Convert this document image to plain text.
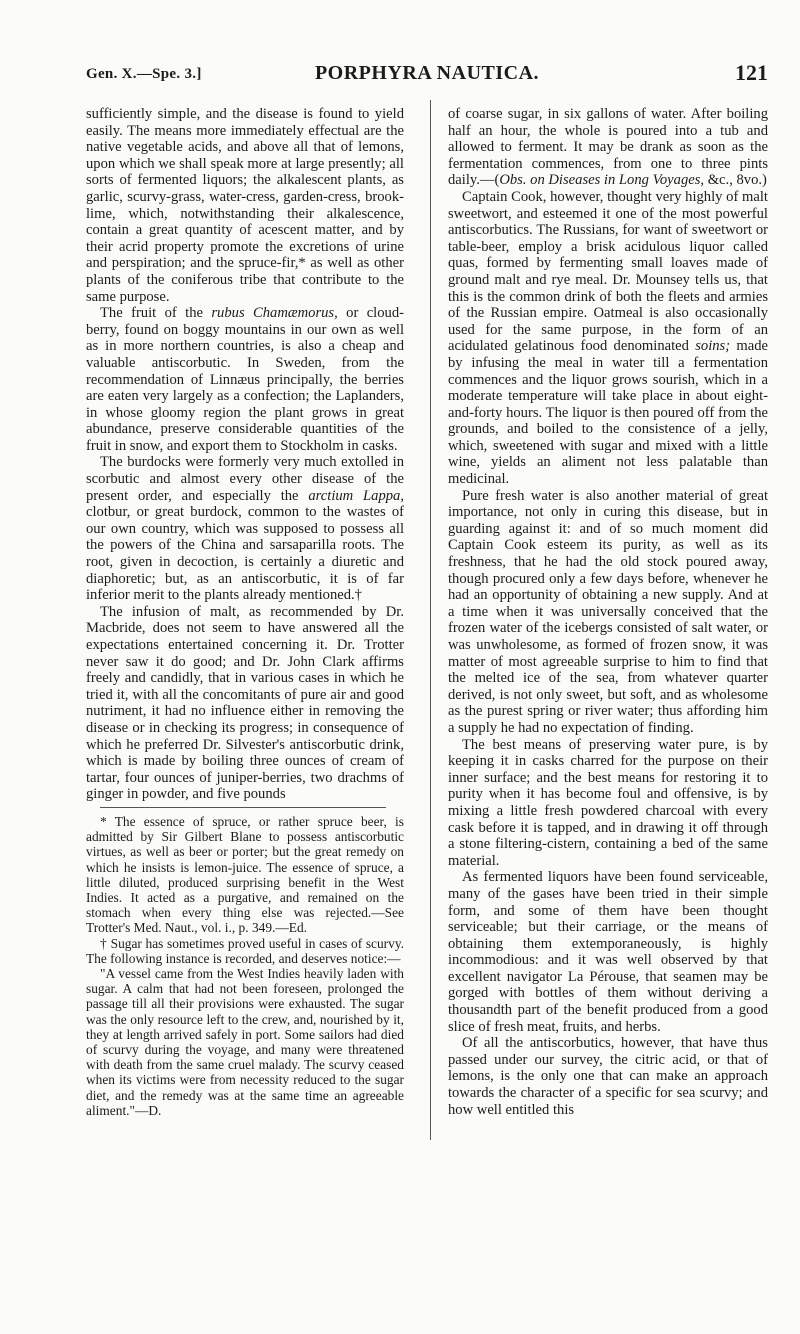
Gen. X.—Spe. 3.]	PORPHYRA NAUTICA.	121

sufficiently simple, and the disease is found to yield easily. The means more immediately effectual are the native vegetable acids, and above all that of lemons, upon which we shall speak more at large presently; all sorts of fermented liquors; the alkalescent plants, as garlic, scurvy-grass, water-cress, garden-cress, brook-lime, which, notwithstanding their alkalescence, contain a great quantity of acescent matter, and by their acrid property promote the excretions of urine and perspiration; and the spruce-fir,* as well as other plants of the coniferous tribe that contribute to the same purpose.

The fruit of the rubus Chamæmorus, or cloud-berry, found on boggy mountains in our own as well as in more northern countries, is also a cheap and valuable antiscorbutic. In Sweden, from the recommendation of Linnæus principally, the berries are eaten very largely as a confection; the Laplanders, in whose gloomy region the plant grows in great abundance, preserve considerable quantities of the fruit in snow, and export them to Stockholm in casks.

The burdocks were formerly very much extolled in scorbutic and almost every other disease of the present order, and especially the arctium Lappa, clotbur, or great burdock, common to the wastes of our own country, which was supposed to possess all the powers of the China and sarsaparilla roots. The root, given in decoction, is certainly a diuretic and diaphoretic; but, as an antiscorbutic, it is of far inferior merit to the plants already mentioned.†

The infusion of malt, as recommended by Dr. Macbride, does not seem to have answered all the expectations entertained concerning it. Dr. Trotter never saw it do good; and Dr. John Clark affirms freely and candidly, that in various cases in which he tried it, with all the concomitants of pure air and good nutriment, it had no influence either in removing the disease or in checking its progress; in consequence of which he preferred Dr. Silvester's antiscorbutic drink, which is made by boiling three ounces of cream of tartar, four ounces of juniper-berries, two drachms of ginger in powder, and five pounds

* The essence of spruce, or rather spruce beer, is admitted by Sir Gilbert Blane to possess antiscorbutic virtues, as well as beer or porter; but the great remedy on which he insists is lemon-juice. The essence of spruce, a little diluted, produced surprising benefit in the West Indies. It acted as a purgative, and remained on the stomach when every thing else was rejected.—See Trotter's Med. Naut., vol. i., p. 349.—Ed.

† Sugar has sometimes proved useful in cases of scurvy. The following instance is recorded, and deserves notice:—

"A vessel came from the West Indies heavily laden with sugar. A calm that had not been foreseen, prolonged the passage till all their provisions were exhausted. The sugar was the only resource left to the crew, and, nourished by it, they at length arrived safely in port. Some sailors had died of scurvy during the voyage, and many were threatened with death from the same cruel malady. The scurvy ceased when its victims were from necessity reduced to the sugar diet, and the remedy was at the same time an agreeable aliment."—D.

of coarse sugar, in six gallons of water. After boiling half an hour, the whole is poured into a tub and allowed to ferment. It may be drank as soon as the fermentation commences, from one to three pints daily.—(Obs. on Diseases in Long Voyages, &c., 8vo.)

Captain Cook, however, thought very highly of malt sweetwort, and esteemed it one of the most powerful antiscorbutics. The Russians, for want of sweetwort or table-beer, employ a brisk acidulous liquor called quas, formed by fermenting small loaves made of ground malt and rye meal. Dr. Mounsey tells us, that this is the common drink of both the fleets and armies of the Russian empire. Oatmeal is also occasionally used for the same purpose, in the form of an acidulated gelatinous food denominated soins; made by infusing the meal in water till a fermentation commences and the liquor grows sourish, which in a moderate temperature will take place in about eight-and-forty hours. The liquor is then poured off from the grounds, and boiled to the consistence of a jelly, which, sweetened with sugar and mixed with a little wine, yields an aliment not less palatable than medicinal.

Pure fresh water is also another material of great importance, not only in curing this disease, but in guarding against it: and of so much moment did Captain Cook esteem its purity, as well as its freshness, that he had the old stock poured away, though procured only a few days before, whenever he had an opportunity of obtaining a new supply. And at a time when it was universally conceived that the frozen water of the icebergs consisted of salt water, or was unwholesome, as formed of frozen snow, it was matter of most agreeable surprise to him to find that the melted ice of the sea, from whatever quarter derived, is not only sweet, but soft, and as wholesome as the purest spring or river water; thus affording him a supply he had no expectation of finding.

The best means of preserving water pure, is by keeping it in casks charred for the purpose on their inner surface; and the best means for restoring it to purity when it has become foul and offensive, is by mixing a little fresh powdered charcoal with every cask before it is tapped, and in drawing it off through a stone filtering-cistern, containing a bed of the same material.

As fermented liquors have been found serviceable, many of the gases have been tried in their simple form, and some of them have been thought serviceable; but their carriage, or the means of obtaining them extemporaneously, is highly incommodious: and it was well observed by that excellent navigator La Pérouse, that seamen may be gorged with bottles of them without deriving a thousandth part of the benefit produced from a good slice of fresh meat, fruits, and herbs.

Of all the antiscorbutics, however, that have thus passed under our survey, the citric acid, or that of lemons, is the only one that can make an approach towards the character of a specific for sea scurvy; and how well entitled this
